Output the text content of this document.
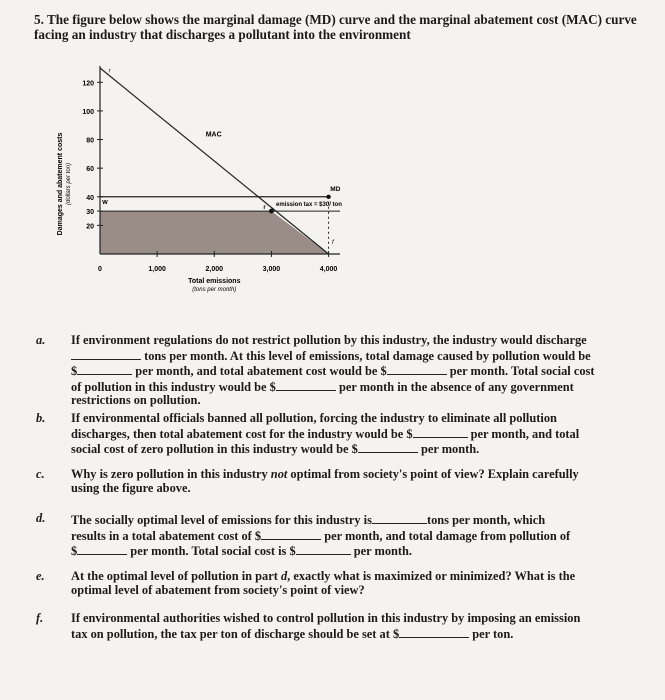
5. The figure below shows the marginal damage (MD) curve and the marginal abatement cost (MAC) curve facing an industry that discharges a pollutant into the environment
120
100
80
60
40
30
20
0	1,000	2,000	3,000	4,000
Damages and abatement costs (dollars per ton)
Total emissions
(tons per month)
MAC
MD
w
r
r
f
emission tax = $30/ ton
a. If environment regulations do not restrict pollution by this industry, the industry would discharge
tons per month. At this level of emissions, total damage caused by pollution would be
$	per month, and total abatement cost would be $	per month. Total social cost
of pollution in this industry would be $	per month in the absence of any government
restrictions on pollution.
b. If environmental officials banned all pollution, forcing the industry to eliminate all pollution
discharges, then total abatement cost for the industry would be $	per month, and total
social cost of zero pollution in this industry would be $	per month.
c. Why is zero pollution in this industry not optimal from society's point of view? Explain carefully
using the figure above.
d. The socially optimal level of emissions for this industry is	tons per month, which
results in a total abatement cost of $	per month, and total damage from pollution of
$	per month. Total social cost is $	per month.
e. At the optimal level of pollution in part d, exactly what is maximized or minimized? What is the
optimal level of abatement from society's point of view?
f. If environmental authorities wished to control pollution in this industry by imposing an emission
tax on pollution, the tax per ton of discharge should be set at $	per ton.
